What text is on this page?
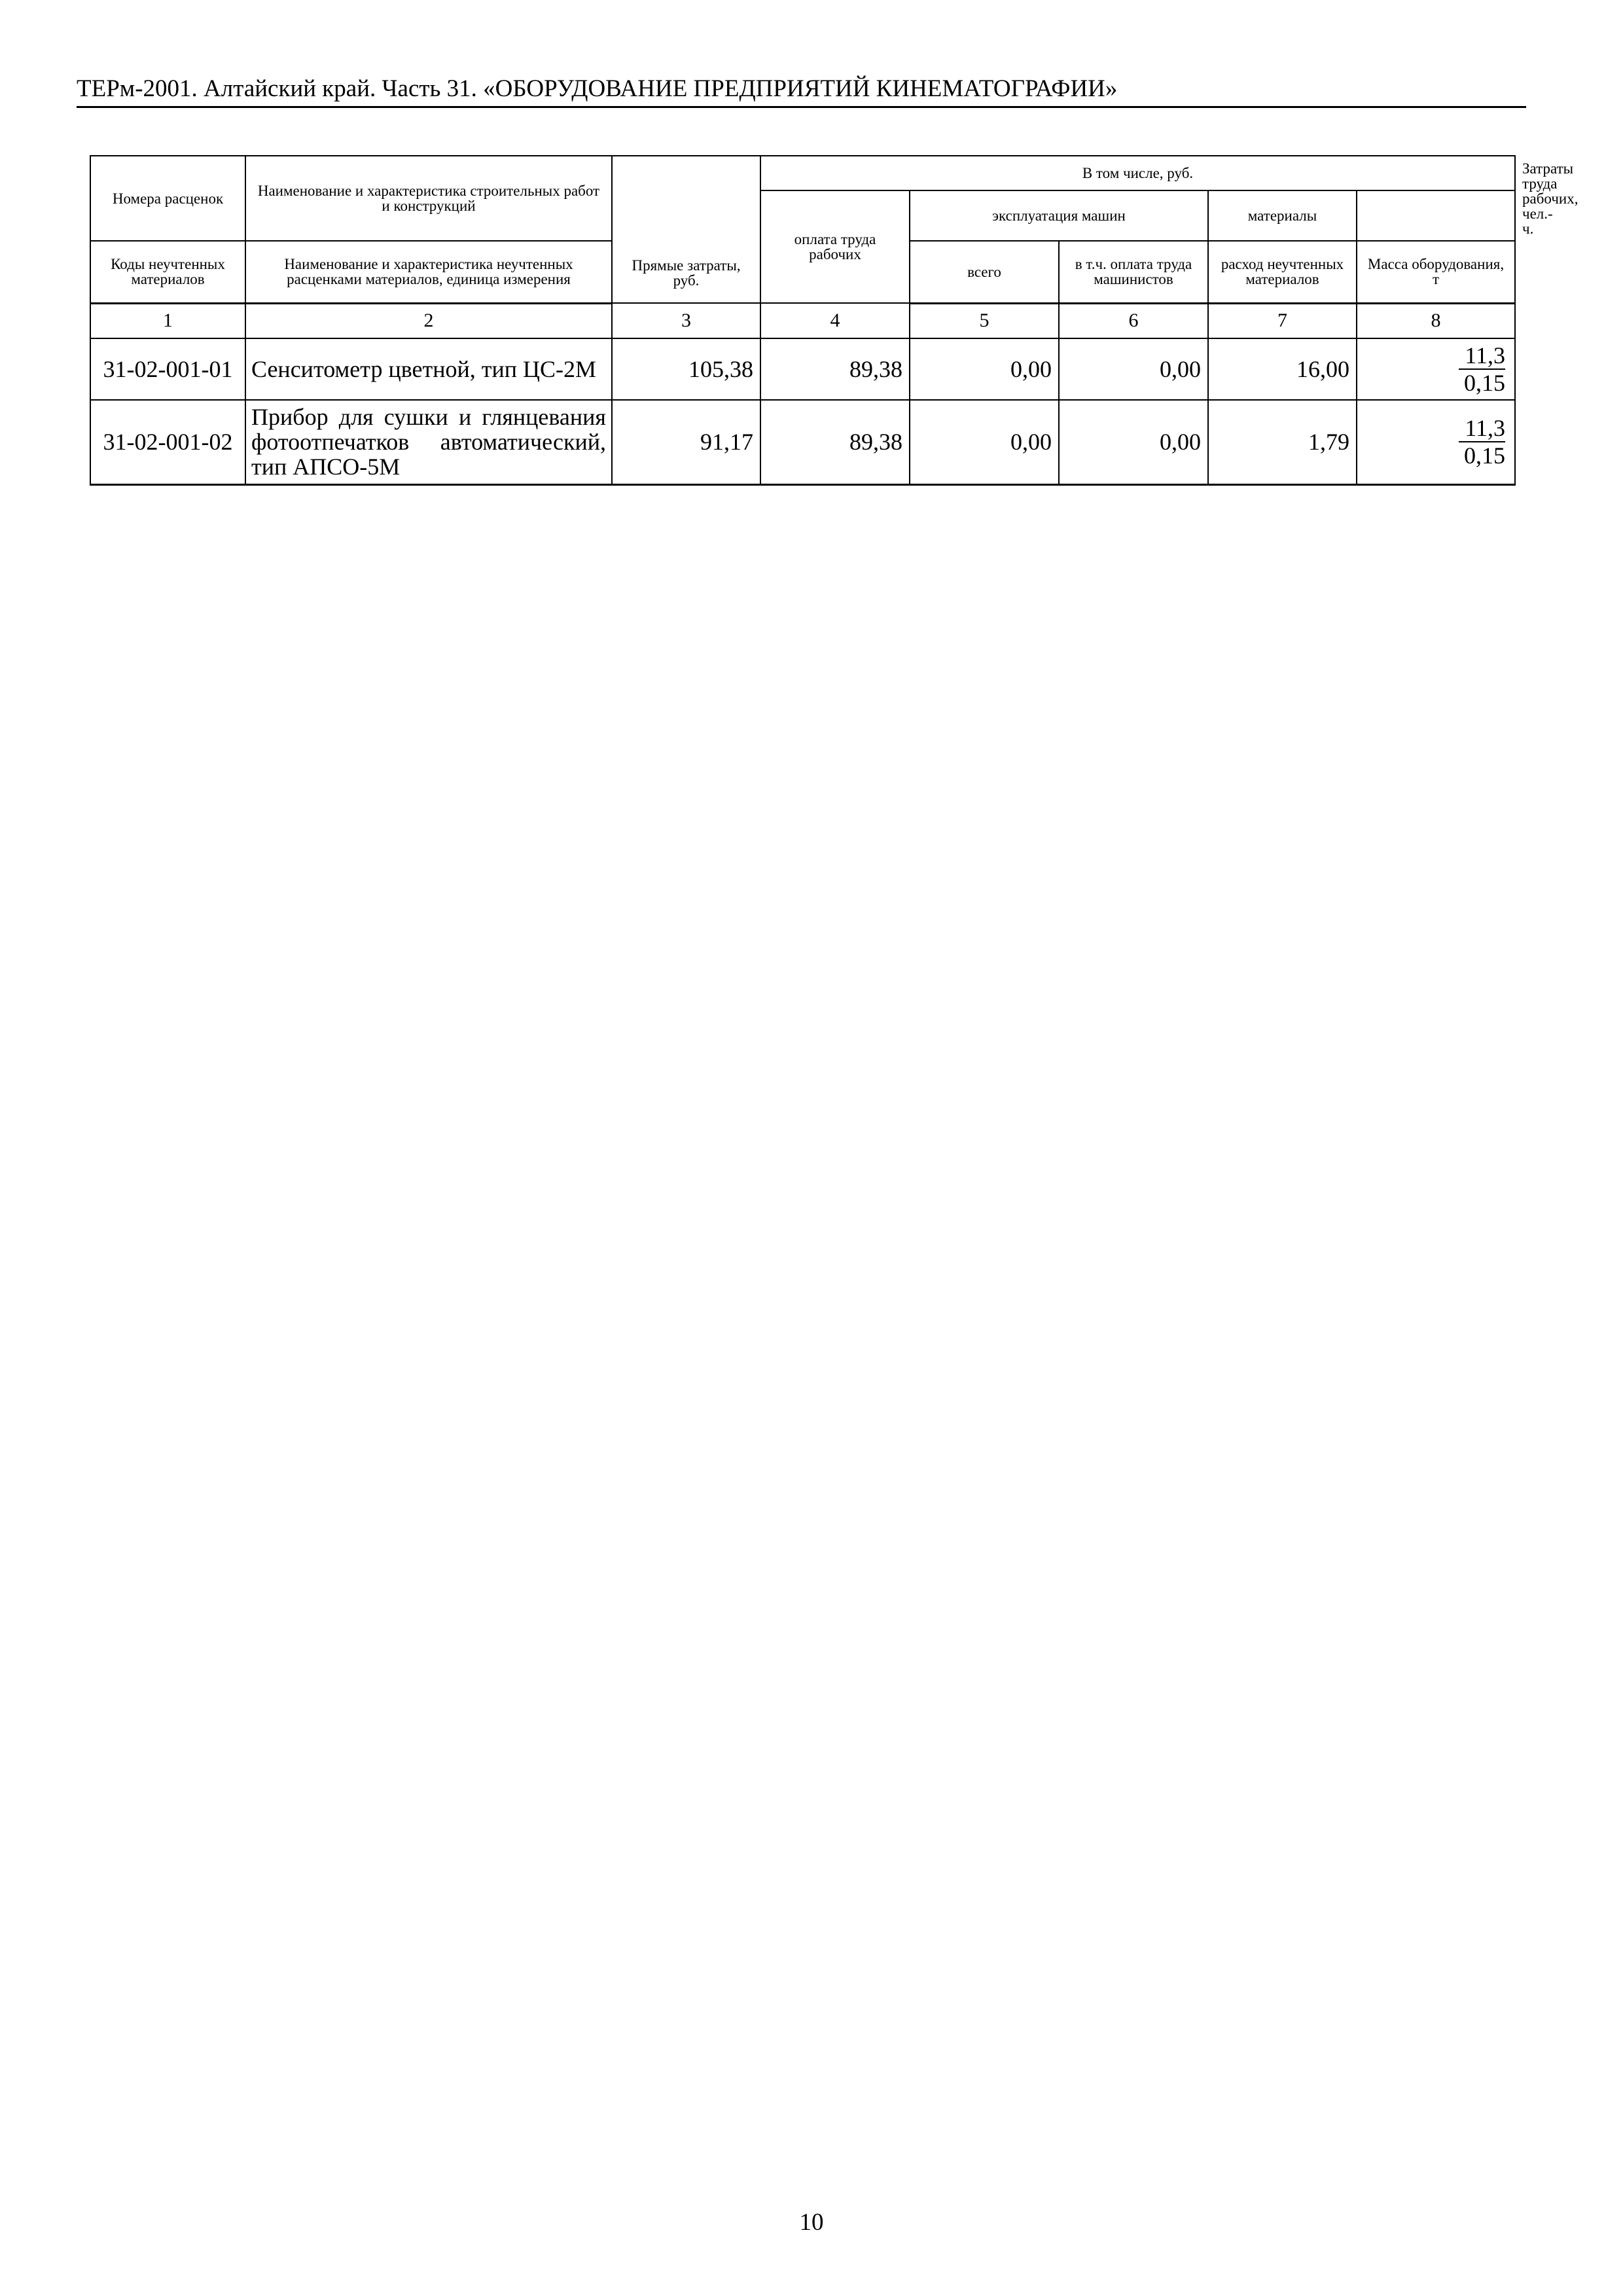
ТЕРм-2001. Алтайский край. Часть 31. «ОБОРУДОВАНИЕ ПРЕДПРИЯТИЙ КИНЕМАТОГРАФИИ»
Номера расценок	Наименование и характеристика строительных работ и конструкций	Прямые затраты, руб.	В том числе, руб.					Затраты труда рабочих, чел.-ч.
			оплата труда рабочих	эксплуатация машин		материалы		
Коды неучтенных материалов	Наименование и характеристика неучтенных расценками материалов, единица измерения			всего	в т.ч. оплата труда машинистов	расход неучтенных материалов	Масса оборудования, т	
1	2	3	4	5	6	7	8	
31-02-001-01	Сенситометр цветной, тип ЦС-2М	105,38	89,38	0,00	0,00	16,00	$\frac{11,3}{0,15}$

31-02-001-02	Прибор для сушки и глянцевания фотоотпечатков автоматический, тип АПСО-5М	91,17	89,38	0,00	0,00	1,79	$\frac{11,3}{0,15}$
10
